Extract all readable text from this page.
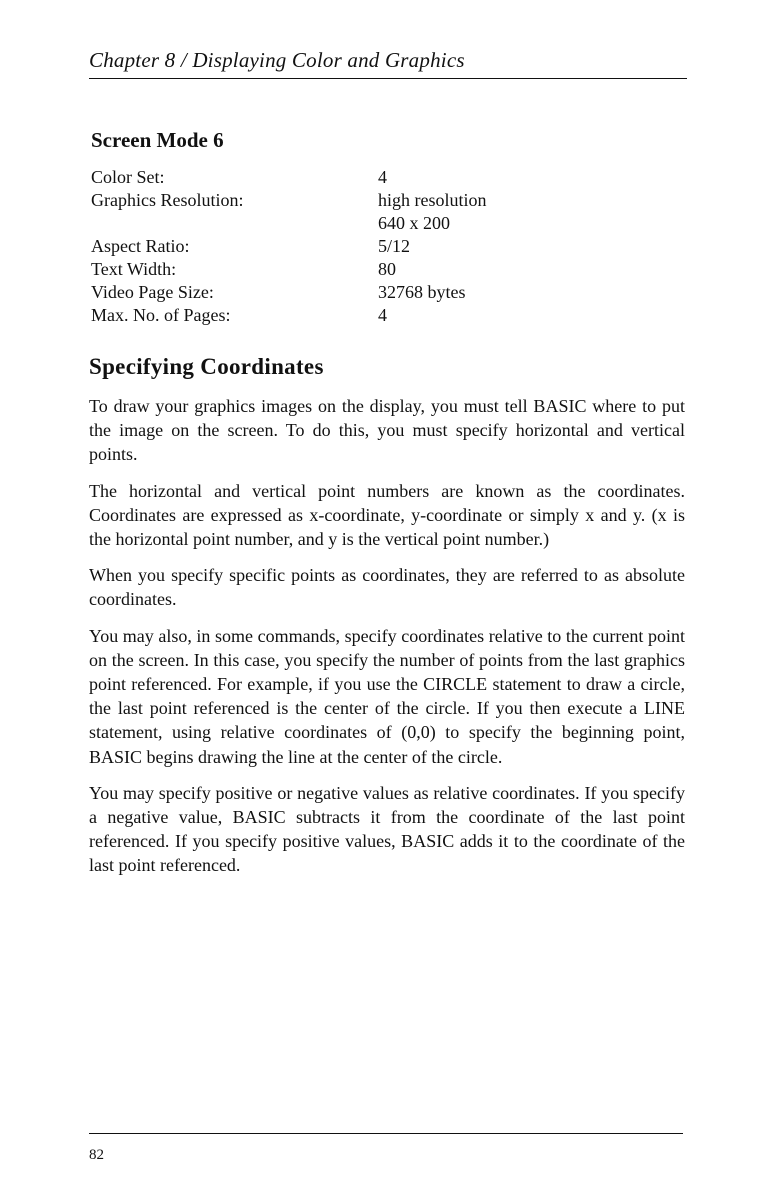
Chapter 8 / Displaying Color and Graphics
Screen Mode 6
Color Set:	4
Graphics Resolution:	high resolution
640 x 200
Aspect Ratio:	5/12
Text Width:	80
Video Page Size:	32768 bytes
Max. No. of Pages:	4
Specifying Coordinates

To draw your graphics images on the display, you must tell BASIC where to put the image on the screen. To do this, you must specify horizontal and vertical points.

The horizontal and vertical point numbers are known as the coordinates. Coordinates are expressed as x-coordinate, y-coordinate or simply x and y. (x is the horizontal point number, and y is the vertical point number.)

When you specify specific points as coordinates, they are referred to as absolute coordinates.

You may also, in some commands, specify coordinates relative to the current point on the screen. In this case, you specify the number of points from the last graphics point referenced. For example, if you use the CIRCLE statement to draw a circle, the last point referenced is the center of the circle. If you then execute a LINE statement, using relative coordinates of (0,0) to specify the beginning point, BASIC begins drawing the line at the center of the circle.

You may specify positive or negative values as relative coordinates. If you specify a negative value, BASIC subtracts it from the coordinate of the last point referenced. If you specify positive values, BASIC adds it to the coordinate of the last point referenced.

82
